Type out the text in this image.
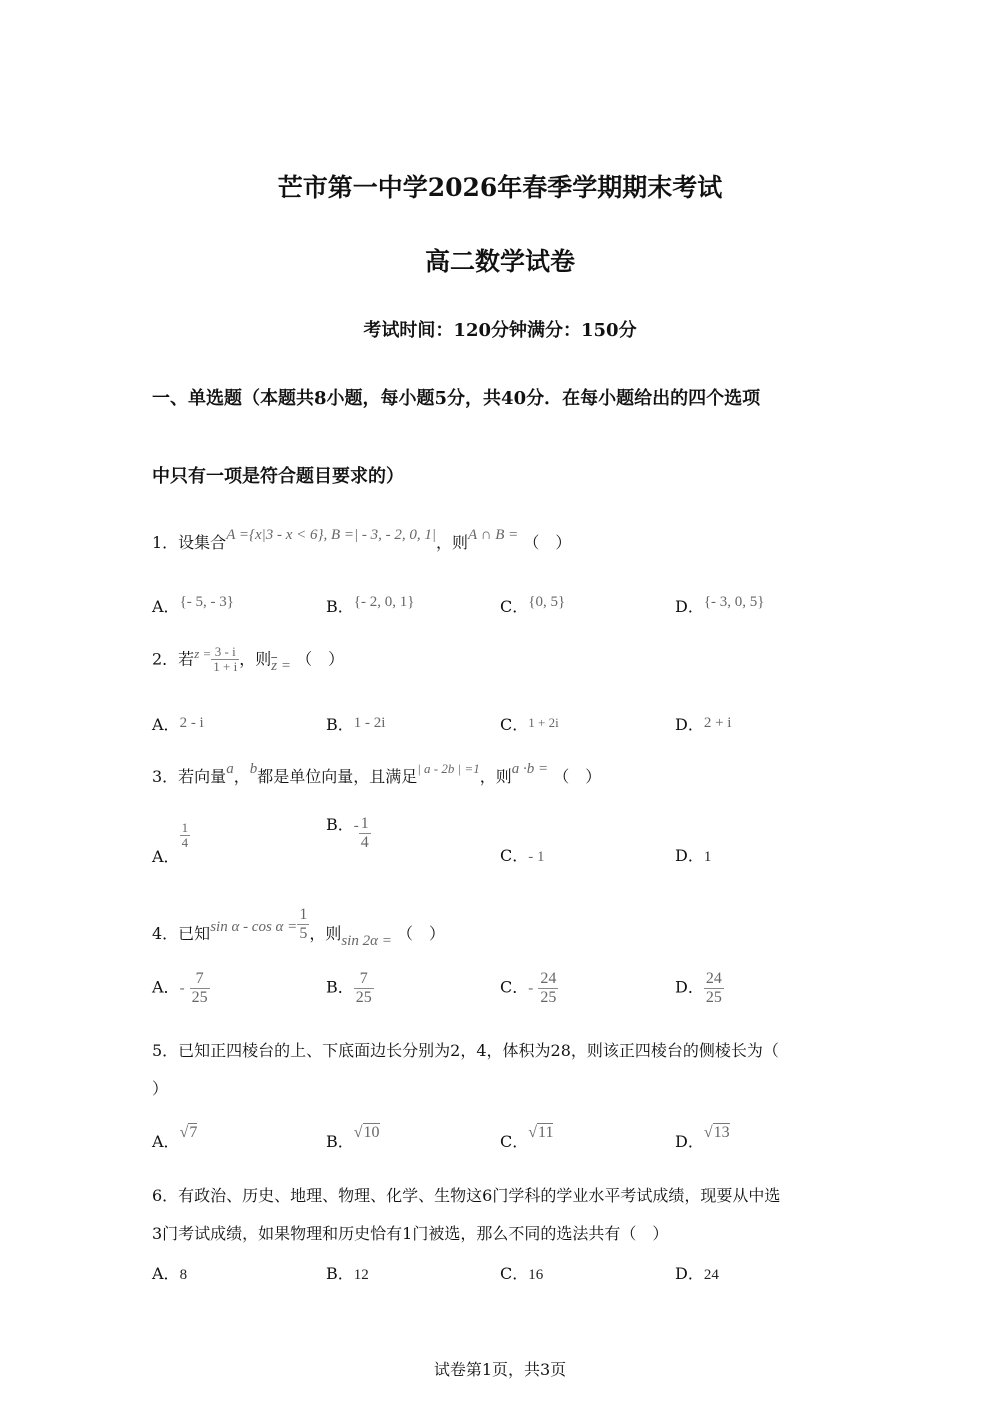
芒市第一中学2026年春季学期期末考试
高二数学试卷
考试时间：120分钟满分：150分
一、单选题（本题共8小题，每小题5分，共40分．在每小题给出的四个选项
中只有一项是符合题目要求的）
1．设集合A ={x|3 - x < 6}, B =| - 3, - 2, 0, 1|，则A ∩ B = （　）
A．{- 5, - 3}	B．{- 2, 0, 1}	C．{0, 5}	D．{- 3, 0, 5}
2．若$^{z =} \frac{3 - i}{1 + i}$ ，则$\overline{z}$ = （　）
A．2 - i	B．1 - 2i	C．1 + 2i	D．2 + i
3．若向量a，b都是单位向量，且满足$^{| a - 2b | =1}$，则a ·b = （　）
A．
$\frac{1}{4}$	B．- $\frac{1}{4}$
C．- 1	D．1
4．已知$\sin \alpha - \cos \alpha = \frac{1}{5}$ ，则sin 2α = （　）
A．- $\frac{7}{25}$	B． $\frac{7}{25}$	C．- $\frac{24}{25}$	D． $\frac{24}{25}$
5．已知正四棱台的上、下底面边长分别为2，4，体积为28，则该正四棱台的侧棱长为（
）
A．√7	B．√10	C．√11	D．√13
6．有政治、历史、地理、物理、化学、生物这6门学科的学业水平考试成绩，现要从中选
3门考试成绩，如果物理和历史恰有1门被选，那么不同的选法共有（　）
A．8	B．12	C．16	D．24
试卷第1页，共3页
